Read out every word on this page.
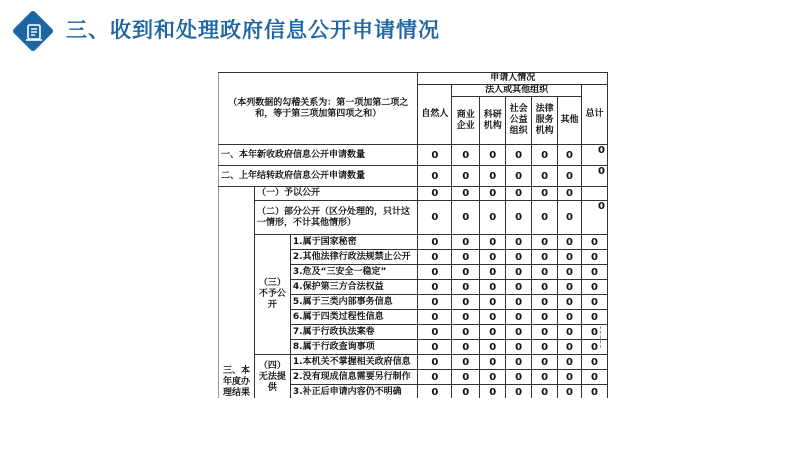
三、收到和处理政府信息公开申请情况
（本列数据的勾稽关系为：第一项加第二项之和，等于第三项加第四项之和）			申请人情况						
			自然人	法人或其他组织					总计
				商业企业	科研机构	社会公益组织	法律服务机构	其他	

一、本年新收政府信息公开申请数量			0	0	0	0	0	0	0
二、上年结转政府信息公开申请数量			0	0	0	0	0	0	0
三、本年度办理结果	（一）予以公开		0	0	0	0	0	0	
	（二）部分公开（区分处理的，只计这一情形，不计其他情形）		0	0	0	0	0	0	0
	（三）不予公开	1.属于国家秘密	0	0	0	0	0	0	0
		2.其他法律行政法规禁止公开	0	0	0	0	0	0	0
		3.危及“三安全一稳定”	0	0	0	0	0	0	0
		4.保护第三方合法权益	0	0	0	0	0	0	0
		5.属于三类内部事务信息	0	0	0	0	0	0	0
		6.属于四类过程性信息	0	0	0	0	0	0	0
		7.属于行政执法案卷	0	0	0	0	0	0	0
		8.属于行政查询事项	0	0	0	0	0	0	0
	（四）无法提供	1.本机关不掌握相关政府信息	0	0	0	0	0	0	0
		2.没有现成信息需要另行制作	0	0	0	0	0	0	0
		3.补正后申请内容仍不明确	0	0	0	0	0	0	0
